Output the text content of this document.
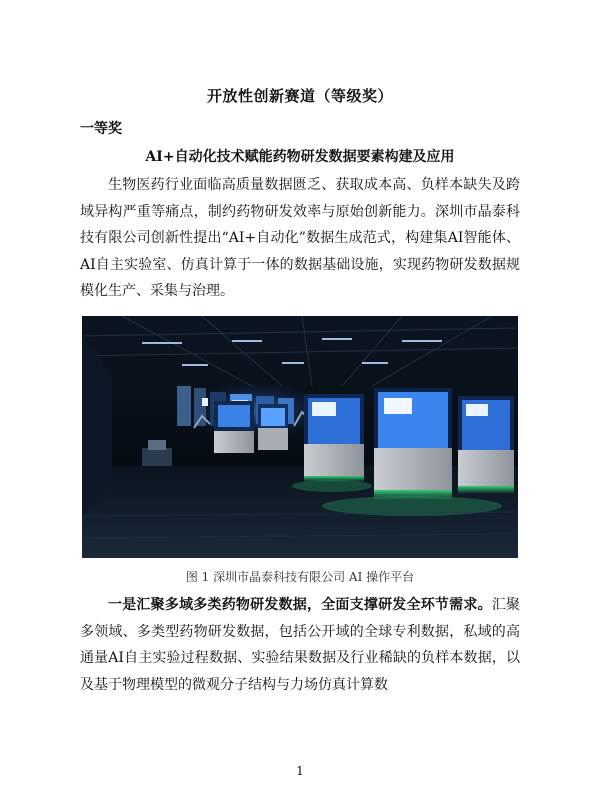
开放性创新赛道（等级奖）
一等奖
AI+自动化技术赋能药物研发数据要素构建及应用
生物医药行业面临高质量数据匮乏、获取成本高、负样本缺失及跨域异构严重等痛点，制约药物研发效率与原始创新能力。深圳市晶泰科技有限公司创新性提出“AI+自动化”数据生成范式，构建集AI智能体、AI自主实验室、仿真计算于一体的数据基础设施，实现药物研发数据规模化生产、采集与治理。
图 1 深圳市晶泰科技有限公司 AI 操作平台
一是汇聚多域多类药物研发数据，全面支撑研发全环节需求。汇聚多领域、多类型药物研发数据，包括公开域的全球专利数据，私域的高通量AI自主实验过程数据、实验结果数据及行业稀缺的负样本数据，以及基于物理模型的微观分子结构与力场仿真计算数
1
